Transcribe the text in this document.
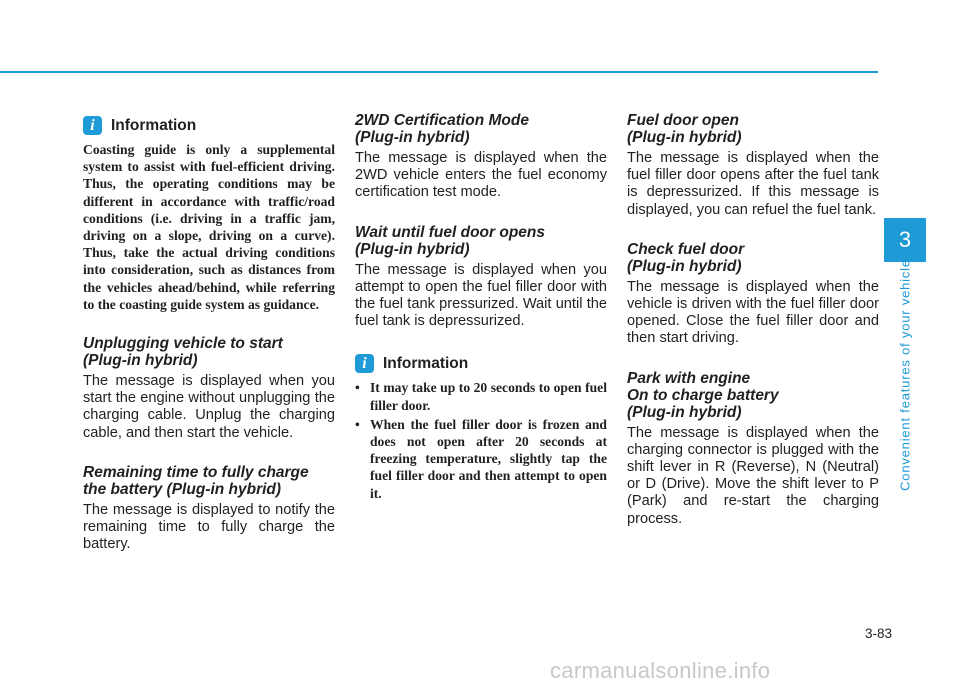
i	Information

Coasting guide is only a supplemental system to assist with fuel-efficient driving. Thus, the operating conditions may be different in accordance with traffic/road conditions (i.e. driving in a traffic jam, driving on a slope, driving on a curve). Thus, take the actual driving conditions into consideration, such as distances from the vehicles ahead/behind, while referring to the coasting guide system as guidance.

Unplugging vehicle to start
(Plug-in hybrid)

The message is displayed when you start the engine without unplugging the charging cable. Unplug the charging cable, and then start the vehicle.

Remaining time to fully charge
the battery (Plug-in hybrid)

The message is displayed to notify the remaining time to fully charge the battery.

2WD Certification Mode
(Plug-in hybrid)

The message is displayed when the 2WD vehicle enters the fuel economy certification test mode.

Wait until fuel door opens
(Plug-in hybrid)

The message is displayed when you attempt to open the fuel filler door with the fuel tank pressurized. Wait until the fuel tank is depressurized.

i	Information
• It may take up to 20 seconds to open fuel filler door.
• When the fuel filler door is frozen and does not open after 20 seconds at freezing temperature, slightly tap the fuel filler door and then attempt to open it.
Fuel door open
(Plug-in hybrid)

The message is displayed when the fuel filler door opens after the fuel tank is depressurized. If this message is displayed, you can refuel the fuel tank.

Check fuel door
(Plug-in hybrid)

The message is displayed when the vehicle is driven with the fuel filler door opened. Close the fuel filler door and then start driving.

Park with engine
On to charge battery
(Plug-in hybrid)

The message is displayed when the charging connector is plugged with the shift lever in R (Reverse), N (Neutral) or D (Drive). Move the shift lever to P (Park) and re-start the charging process.

3
Convenient features of your vehicle
3-83
carmanualsonline.info
